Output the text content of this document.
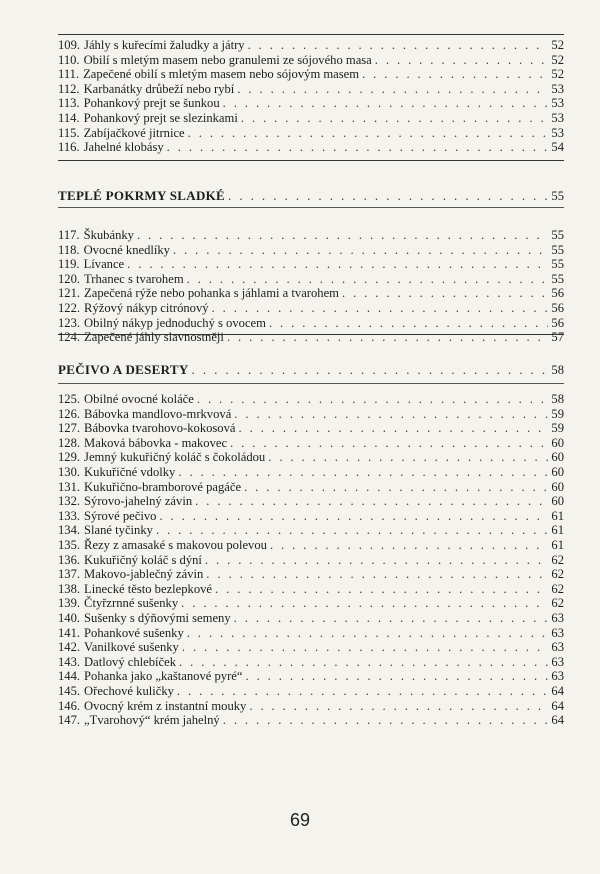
109. Jáhly s kuřecími žaludky a játry . . .	52
110. Obilí s mletým masem nebo granulemi ze sójového masa . . .	52
111. Zapečené obilí s mletým masem nebo sójovým masem . . .	52
112. Karbanátky drůbeží nebo rybí . . .	53
113. Pohankový prejt se šunkou . . .	53
114. Pohankový prejt se slezinkami . . .	53
115. Zabíjačkové jitrnice . . .	53
116. Jahelné klobásy . . .	54
TEPLÉ POKRMY SLADKÉ . . .	55
117. Škubánky . . .	55
118. Ovocné knedlíky . . .	55
119. Lívance . . .	55
120. Trhanec s tvarohem . . .	55
121. Zapečená rýže nebo pohanka s jáhlami a tvarohem . . .	56
122. Rýžový nákyp citrónový . . .	56
123. Obilný nákyp jednoduchý s ovocem . . .	56
124. Zapečené jáhly slavnostněji . . .	57
PEČIVO A DESERTY . . .	58
125. Obilné ovocné koláče . . .	58
126. Bábovka mandlovo-mrkvová . . .	59
127. Bábovka tvarohovo-kokosová . . .	59
128. Maková bábovka - makovec . . .	60
129. Jemný kukuřičný koláč s čokoládou . . .	60
130. Kukuřičné vdolky . . .	60
131. Kukuřično-bramborové pagáče . . .	60
132. Sýrovo-jahelný závin . . .	60
133. Sýrové pečivo . . .	61
134. Slané tyčinky . . .	61
135. Řezy z amasaké s makovou polevou . . .	61
136. Kukuřičný koláč s dýní . . .	62
137. Makovo-jablečný závin . . .	62
138. Linecké těsto bezlepkové . . .	62
139. Čtyřzrnné sušenky . . .	62
140. Sušenky s dýňovými semeny . . .	63
141. Pohankové sušenky . . .	63
142. Vanilkové sušenky . . .	63
143. Datlový chlebíček . . .	63
144. Pohanka jako „kaštanové pyré“ . . .	63
145. Ořechové kuličky . . .	64
146. Ovocný krém z instantní mouky . . .	64
147. „Tvarohový“ krém jahelný . . .	64
69
